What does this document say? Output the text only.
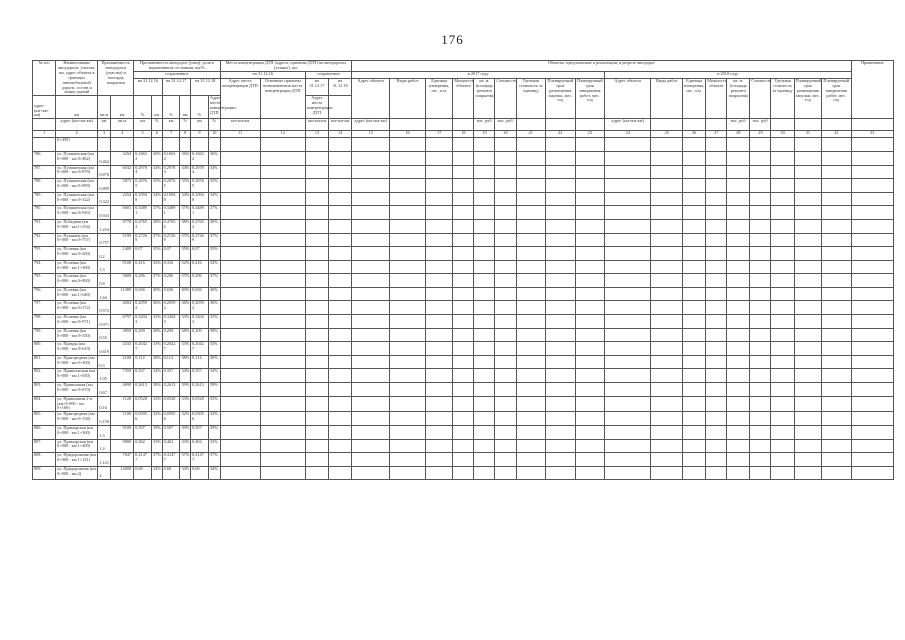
176
№ п/п	Наименование автодороги, участка, км, адрес объекта в границах автомобильной дороги, состав и номер зданий	Протяженность автодороги (участка) и площадь покрытия		Протяженность автодорог (улиц), доля в нормативном состоянии, км/%						Места концентрации ДТП (адреса, причины ДТП) на автодорогах (улицах), шт.				Объекты, предлагаемые к реализации, в разрезе автодорог																		Примечание
				сохраненное						на 31.12.16		сохраненное		в 2017 году									в 2018 году									
				на 31.12.16		на 31.12.17		на 31.12.18		Адрес места концентрации ДТП	Основные причины возникновения места концентрации ДТП	на 31.12.17	на 31.12.18	Адрес объекта	Виды работ	Единица измерения, шт., п.м.	Мощность объекта	кв. м. (площадь ремонта покрытия)	Стоимость	Удельная стоимость за единицу	Планируемый срок размещения закупки, мес. год	Планируемый срок завершения работ, мес. год	Адрес объекта	Виды работ	Единица измерения, шт., п.м.	Мощность объекта	кв. м. (площадь ремонта покрытия)	Стоимость	Удельная стоимость за единицу	Планируемый срок размещения закупки, мес. год	Планируемый срок завершения работ, мес. год	
адрес (км+км-км)	км	кв.м	км	%	км	%	км	%	Адрес места концентрации ДТП			Адрес места концентрации ДТП																				
	адрес (км+км-км)	км	кв.м	км	%	км	%	км	%	км+км-км		км+км-км	км+км-км	адрес (км+км-км)				тыс. руб.	тыс. руб.				адрес (км+км-км)				тыс. руб.	тыс. руб.				
1	2	3	4	5	6	7	8	9	10	11	12	13	14	15	16	17	18	19	20	21	22	23	24	25	26	27	28	29	30	31	32	33
	0+459)																															
786.	ул. Пушкинская (км 0+000 - км 0+462)	0,462	3254	0,1663 2	36%	0,1663 2	36%	0,1663 2	36%																							
787.	ул. Пушкинская (км 0+000 - км 0+876)	0,876	6032	0,2978 4	34%	0,2978 4	34%	0,2978 4	34%																							
788.	ул. Пушкинская (км 0+000 - км 0+899)	0,899	5873	0,2876 5	35%	0,2876 5	35%	0,2876 5	35%																							
789.	ул. Пушкинская (км 0+000 - км 0+322)	0,322	2254	0,1094 8	34%	0,1094 8	34%	0,1094 8	34%																							
790.	ул. Пушкинская (км 0+000 - км 0+943)	0,943	6601	0,3489 1	37%	0,3489 1	37%	0,3489 1	37%																							
791.	ул. Победная (км 0+000 - км 1+254)	1,254	8778	0,4765 2	38%	0,4765 2	38%	0,4765 2	38%																							
792.	ул. Пушкина (км 0+000 - км 0+757)	0,757	5199	0,2726 9	37%	0,2726 9	37%	0,2726 9	37%																							
793.	ул. Полевая (км 0+000 - км 0+200)	0,2	1400	0,07	35%	0,07	35%	0,07	35%																							
794.	ул. Полевая (км 0+000 - км 1+300)	1,3	9100	0,416	32%	0,416	32%	0,416	32%																							
795.	ул. Полевая (км 0+000 - км 0+800)	0,8	5600	0,296	37%	0,296	37%	0,296	37%																							
796.	ул. Полевая (км 0+000 - км 1+640)	1,64	11480	0,656	40%	0,656	40%	0,656	40%																							
797.	ул. Полевая (км 0+000 - км 0+572)	0,572	4004	0,2059 2	36%	0,2059 2	36%	0,2059 2	36%																							
798.	ул. Полевая (км 0+000 - км 0+971)	0,971	6797	0,3204 3	33%	0,3204 3	33%	0,3204 3	33%																							
799.	ул. Полевая (км 0+000 - км 0+550)	0,55	3850	0,209	38%	0,209	38%	0,209	38%																							
800.	ул. Правды (км 0+000 - км 0+619)	0,619	4333	0,2042 7	33%	0,2042 7	33%	0,2042 7	33%																							
801.	ул. Пригородная (км 0+000 - км 0+300)	0,3	2100	0,114	38%	0,114	38%	0,114	38%																							
802.	ул. Приволжская (км 0+000 - км 1+050)	1,05	7350	0,357	34%	0,357	34%	0,357	34%																							
803.	ул. Привольная (км 0+000 - км 0+670)	0,67	4690	0,2613	39%	0,2613	39%	0,2613	39%																							
804.	ул. Привольная 2-я (км 0+000 - км 0+160)	0,16	1120	0,0528	33%	0,0528	33%	0,0528	33%																							
805.	ул. Пригородная (км 0+000 - км 0+158)	0,158	1106	0,0505 6	32%	0,0505 6	32%	0,0505 6	32%																							
806.	ул. Приморская (км 0+000 - км 1+300)	1,3	9100	0,507	39%	0,507	39%	0,507	39%																							
807.	ул. Приморская (км 0+000 - км 1+400)	1,4	9800	0,462	33%	0,462	33%	0,462	33%																							
808.	ул. Придорожная (км 0+000 - км 1+121)	1,121	7847	0,4147 7	37%	0,4147 7	37%	0,4147 7	37%																							
809.	ул. Придорожная (км 0+000 - км 2)	2	14000	0,68	34%	0,68	34%	0,68	34%																							
